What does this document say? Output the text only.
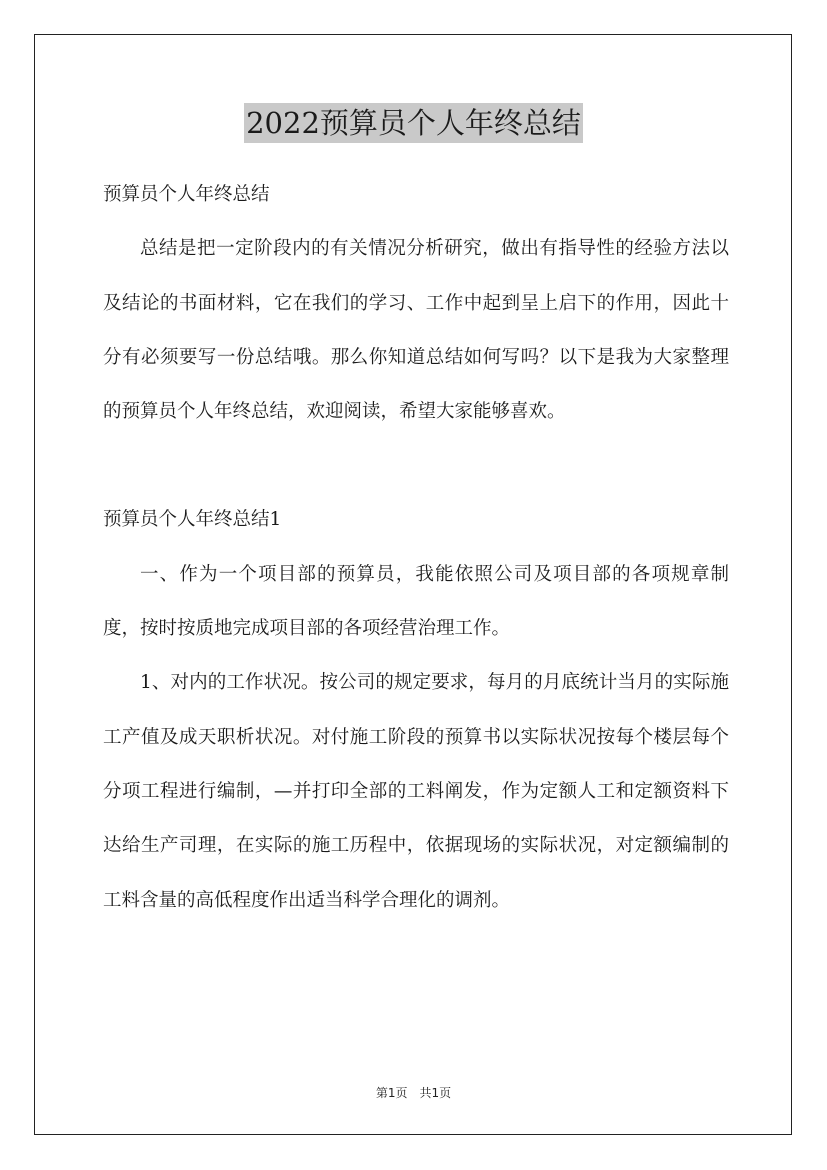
2022预算员个人年终总结

预算员个人年终总结

总结是把一定阶段内的有关情况分析研究，做出有指导性的经验方法以及结论的书面材料，它在我们的学习、工作中起到呈上启下的作用，因此十分有必须要写一份总结哦。那么你知道总结如何写吗？以下是我为大家整理的预算员个人年终总结，欢迎阅读，希望大家能够喜欢。

预算员个人年终总结1

一、作为一个项目部的预算员，我能依照公司及项目部的各项规章制度，按时按质地完成项目部的各项经营治理工作。

1、对内的工作状况。按公司的规定要求，每月的月底统计当月的实际施工产值及成天职析状况。对付施工阶段的预算书以实际状况按每个楼层每个分项工程进行编制，—并打印全部的工料阐发，作为定额人工和定额资料下达给生产司理，在实际的施工历程中，依据现场的实际状况，对定额编制的工料含量的高低程度作出适当科学合理化的调剂。

第1页　共1页
